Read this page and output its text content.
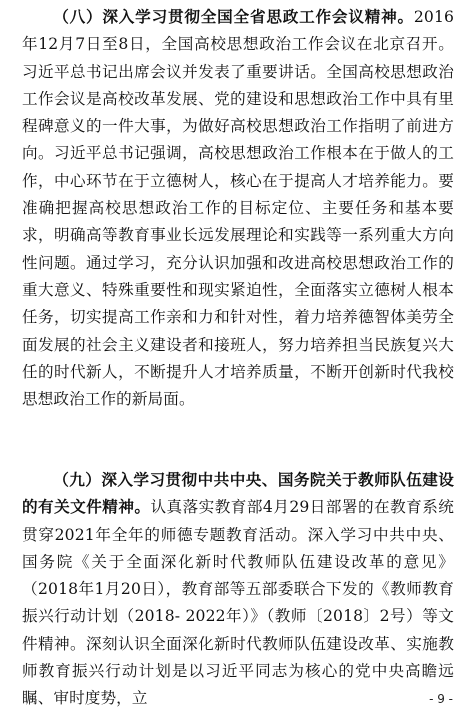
（八）深入学习贯彻全国全省思政工作会议精神。2016年12月7日至8日，全国高校思想政治工作会议在北京召开。习近平总书记出席会议并发表了重要讲话。全国高校思想政治工作会议是高校改革发展、党的建设和思想政治工作中具有里程碑意义的一件大事，为做好高校思想政治工作指明了前进方向。习近平总书记强调，高校思想政治工作根本在于做人的工作，中心环节在于立德树人，核心在于提高人才培养能力。要准确把握高校思想政治工作的目标定位、主要任务和基本要求，明确高等教育事业长远发展理论和实践等一系列重大方向性问题。通过学习，充分认识加强和改进高校思想政治工作的重大意义、特殊重要性和现实紧迫性，全面落实立德树人根本任务，切实提高工作亲和力和针对性，着力培养德智体美劳全面发展的社会主义建设者和接班人，努力培养担当民族复兴大任的时代新人，不断提升人才培养质量，不断开创新时代我校思想政治工作的新局面。

（九）深入学习贯彻中共中央、国务院关于教师队伍建设的有关文件精神。认真落实教育部4月29日部署的在教育系统贯穿2021年全年的师德专题教育活动。深入学习中共中央、国务院《关于全面深化新时代教师队伍建设改革的意见》（2018年1月20日），教育部等五部委联合下发的《教师教育振兴行动计划（2018- 2022年）》（教师〔2018〕2号）等文件精神。深刻认识全面深化新时代教师队伍建设改革、实施教师教育振兴行动计划是以习近平同志为核心的党中央高瞻远瞩、审时度势，立	- 9 -
